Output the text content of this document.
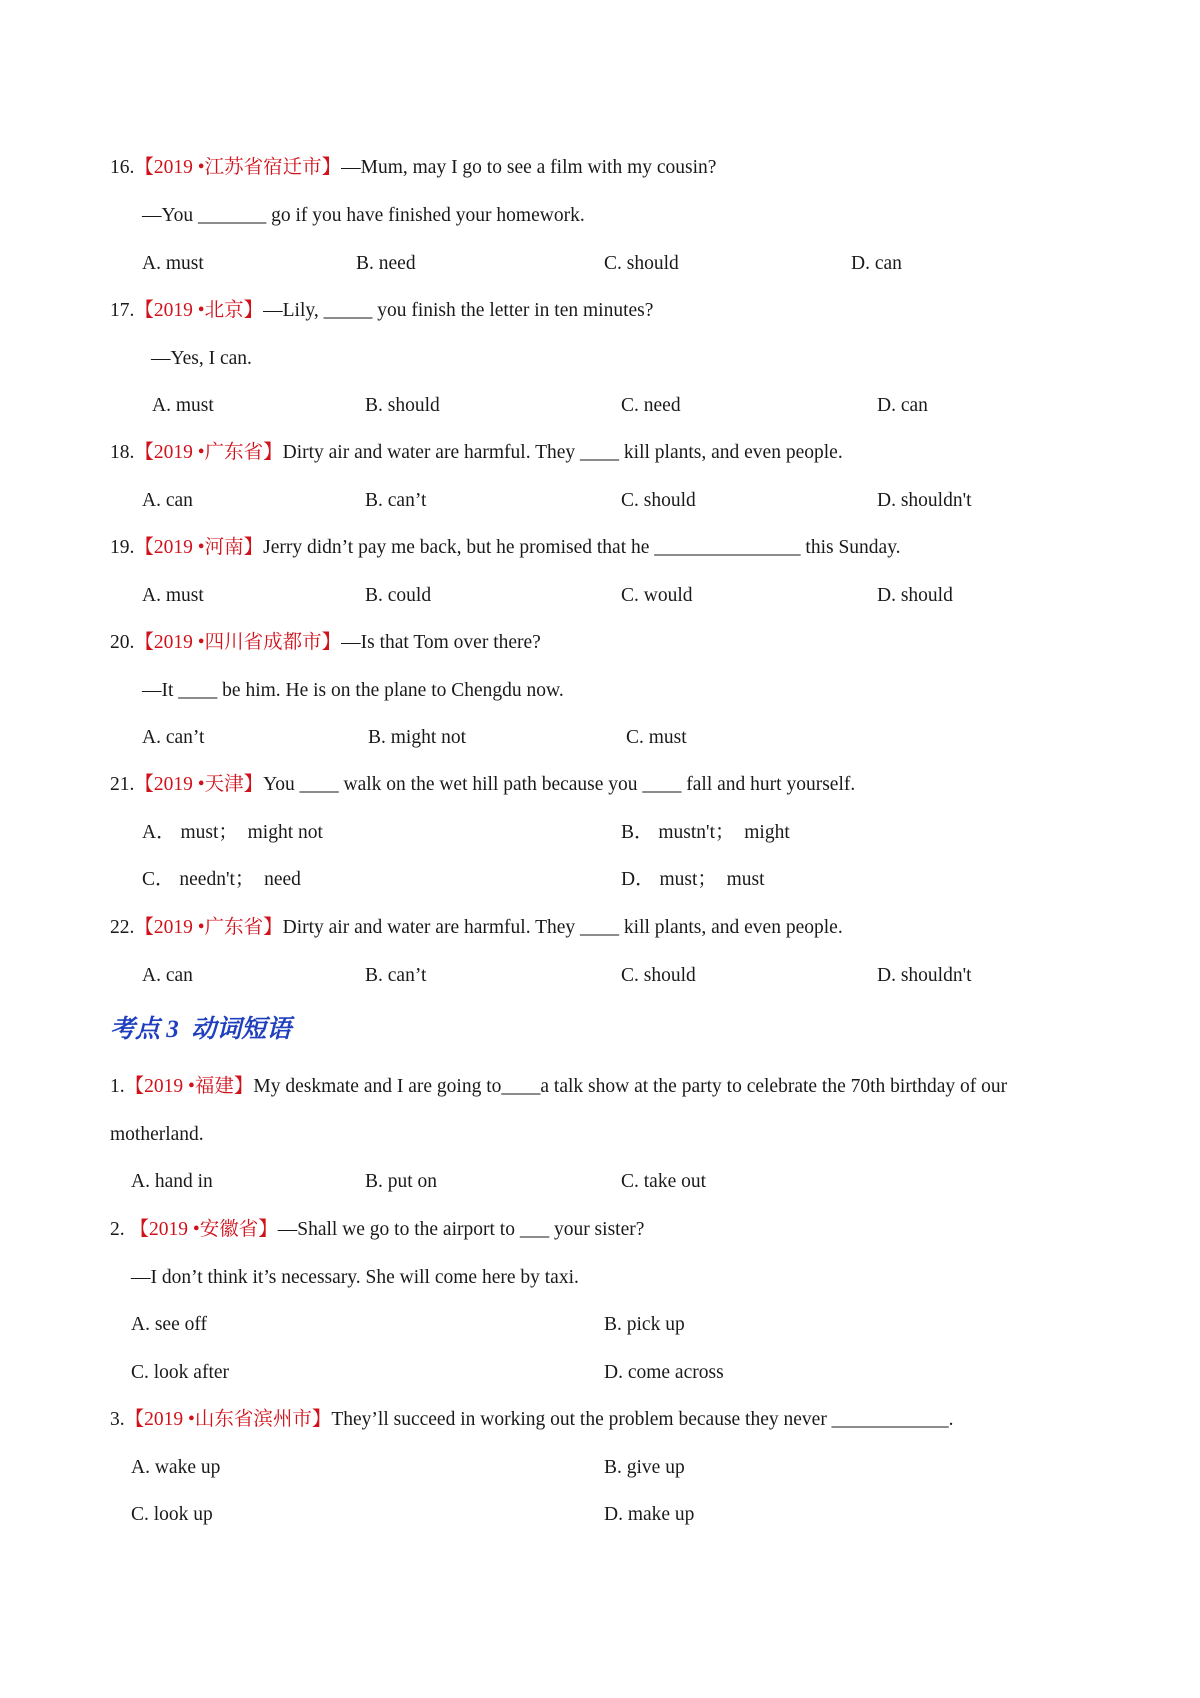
16.【2019 •江苏省宿迁市】—Mum, may I go to see a film with my cousin?
—You _______ go if you have finished your homework.
A. must	B. need	C. should	D. can
17.【2019 •北京】—Lily, _____ you finish the letter in ten minutes?
—Yes, I can.
A. must	B. should	C. need	D. can
18.【2019 •广东省】Dirty air and water are harmful. They ____ kill plants, and even people.
A. can	B. can’t	C. should	D. shouldn't
19.【2019 •河南】Jerry didn’t pay me back, but he promised that he _______________ this Sunday.
A. must	B. could	C. would	D. should
20.【2019 •四川省成都市】—Is that Tom over there?
—It ____ be him. He is on the plane to Chengdu now.
A. can’t	B. might not	C. must
21.【2019 •天津】You ____ walk on the wet hill path because you ____ fall and hurt yourself.
A． must；  might not	B． mustn't；  might
C． needn't；  need	D． must；  must
22.【2019 •广东省】Dirty air and water are harmful. They ____ kill plants, and even people.
A. can	B. can’t	C. should	D. shouldn't
考点 3  动词短语
1.【2019 •福建】My deskmate and I are going to____a talk show at the party to celebrate the 70th birthday of our
motherland.
A. hand in	B. put on	C. take out
2. 【2019 •安徽省】—Shall we go to the airport to ___ your sister?
—I don’t think it’s necessary. She will come here by taxi.
A. see off	B. pick up
C. look after	D. come across
3.【2019 •山东省滨州市】They’ll succeed in working out the problem because they never ____________.
A. wake up	B. give up
C. look up	D. make up
